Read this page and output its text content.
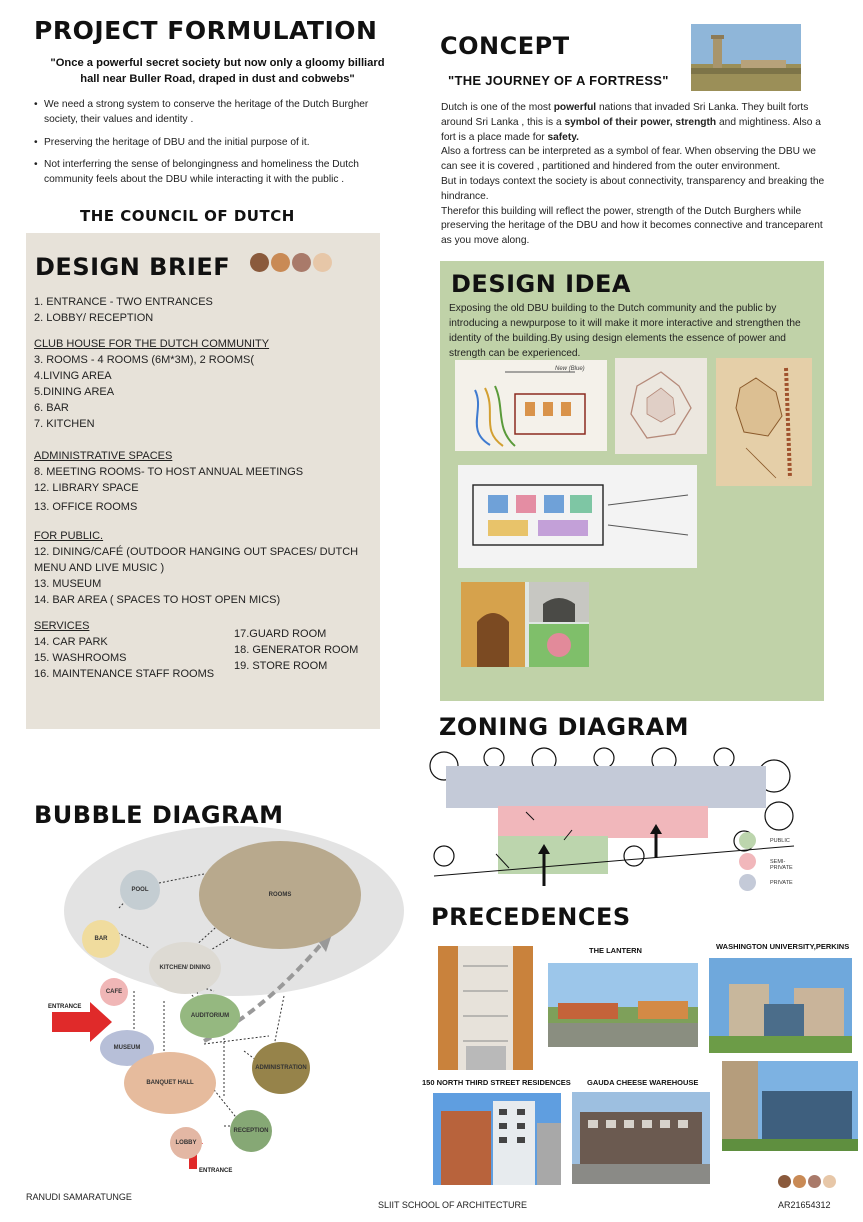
PROJECT FORMULATION
"Once a powerful secret society but now only a gloomy billiard hall near Buller Road, draped in dust and cobwebs"
• We need a strong system to conserve the heritage of the Dutch Burgher society, their values and identity .
• Preserving the heritage of DBU and the initial purpose of it.
• Not interferring the sense of belongingness and homeliness the Dutch community feels about the DBU while interacting it with the public .
THE COUNCIL OF DUTCH
CONCEPT
"THE JOURNEY OF A FORTRESS"

Dutch is one of the most powerful nations that invaded Sri Lanka. They built forts around Sri Lanka , this is a symbol of their power, strength and mightiness. Also a fort is a place made for safety.

Also a fortress can be interpreted as a symbol of fear. When observing the DBU we can see it is covered , partitioned and hindered from the outer environment.

But in todays context the society is about connectivity, transparency and breaking the hindrance.

Therefor this building will reflect the power, strength of the Dutch Burghers while preserving the heritage of the DBU and how it becomes connective and tranceparent as you move along.

DESIGN BRIEF
1. ENTRANCE - TWO ENTRANCES
2. LOBBY/ RECEPTION
CLUB HOUSE FOR THE DUTCH COMMUNITY
3. ROOMS - 4 ROOMS (6M*3M), 2 ROOMS(
4.LIVING AREA
5.DINING AREA
6. BAR
7. KITCHEN
ADMINISTRATIVE SPACES
8. MEETING ROOMS- TO HOST ANNUAL MEETINGS
12. LIBRARY SPACE
13. OFFICE ROOMS
FOR PUBLIC.
12. DINING/CAFÉ (OUTDOOR HANGING OUT SPACES/ DUTCH
MENU AND LIVE MUSIC )
13. MUSEUM
14. BAR AREA ( SPACES TO HOST OPEN MICS)
SERVICES
14. CAR PARK
15. WASHROOMS
16. MAINTENANCE STAFF ROOMS
17.GUARD ROOM
18. GENERATOR ROOM
19. STORE ROOM
DESIGN IDEA
Exposing the old DBU building to the Dutch community and the public by introducing a newpurpose to it will make it more interactive and strengthen the identity of the building.By using design elements the essence of power and strength can be experienced.
New (Blue)
ZONING DIAGRAM
PUBLIC
SEMI-PRIVATE
PRIVATE
BUBBLE DIAGRAM
ROOMS
POOL
BAR
KITCHEN/ DINING
CAFE
AUDITORIUM
MUSEUM
BANQUET HALL
ADMINISTRATION
RECEPTION
LOBBY
ENTRANCE
ENTRANCE
PRECEDENCES
THE LANTERN	WASHINGTON UNIVERSITY,PERKINS
150 NORTH THIRD STREET RESIDENCES GAUDA CHEESE WAREHOUSE
RANUDI SAMARATUNGE
SLIIT SCHOOL OF ARCHITECTURE	AR21654312
